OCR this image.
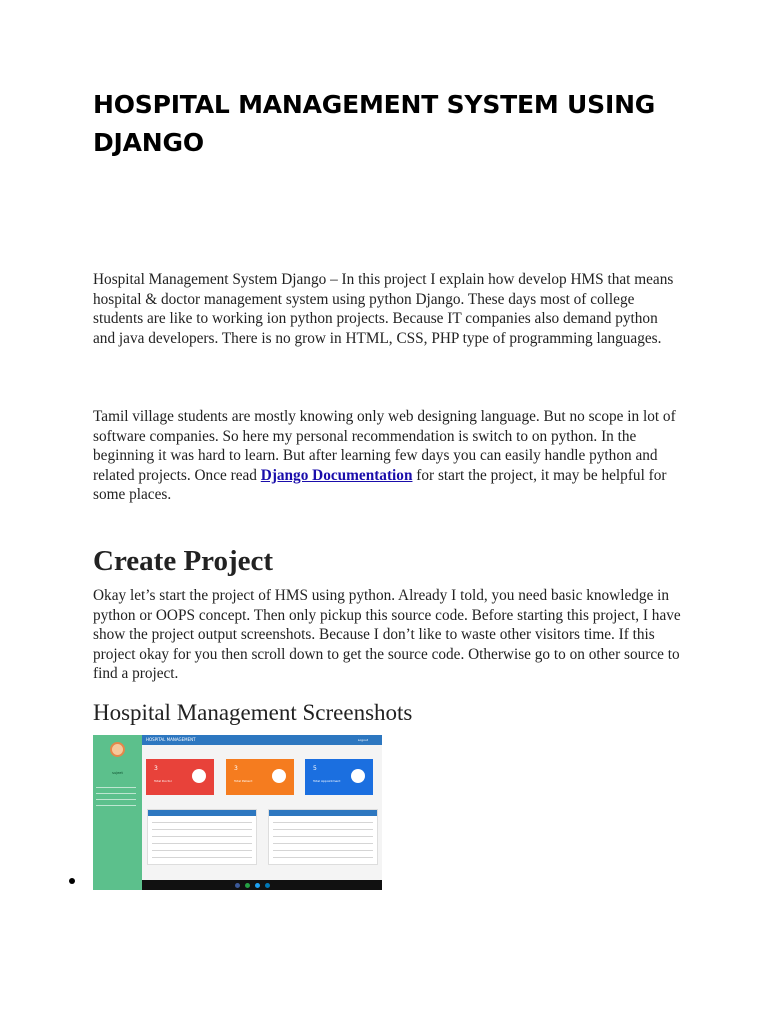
HOSPITAL MANAGEMENT SYSTEM USING DJANGO
Hospital Management System Django – In this project I explain how develop HMS that means hospital & doctor management system using python Django. These days most of college students are like to working ion python projects. Because IT companies also demand python and java developers. There is no grow in HTML, CSS, PHP type of programming languages.
Tamil village students are mostly knowing only web designing language. But no scope in lot of software companies. So here my personal recommendation is switch to on python. In the beginning it was hard to learn. But after learning few days you can easily handle python and related projects. Once read Django Documentation for start the project, it may be helpful for some places.
Create Project
Okay let’s start the project of HMS using python. Already I told, you need basic knowledge in python or OOPS concept. Then only pickup this source code. Before starting this project, I have show the project output screenshots. Because I don’t like to waste other visitors time. If this project okay for you then scroll down to get the source code. Otherwise go to on other source to find a project.
Hospital Management Screenshots
sujeet
HOSPITAL MANAGEMENT	Logout
3
Total Doctor
3
Total Patient
5
Total Appointment
